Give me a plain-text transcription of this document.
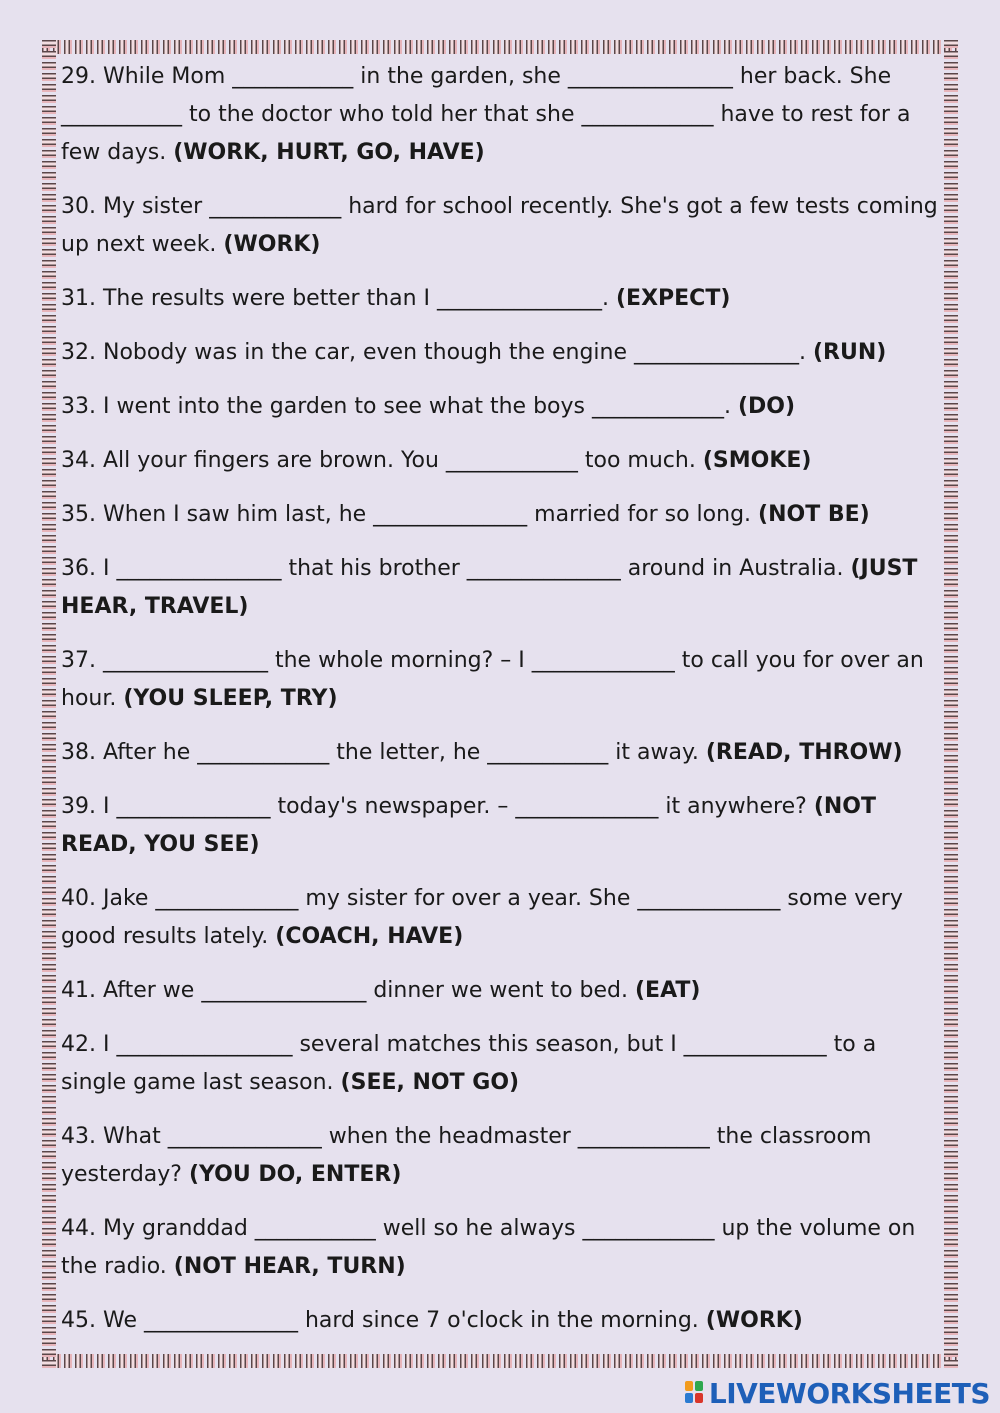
29. While Mom ___________ in the garden, she _______________ her back. She ___________ to the doctor who told her that she ____________ have to rest for a few days. (WORK, HURT, GO, HAVE)

30. My sister ____________ hard for school recently. She's got a few tests coming up next week. (WORK)

31. The results were better than I _______________. (EXPECT)

32. Nobody was in the car, even though the engine _______________. (RUN)

33. I went into the garden to see what the boys ____________. (DO)

34. All your fingers are brown. You ____________ too much. (SMOKE)

35. When I saw him last, he ______________ married for so long. (NOT BE)

36. I _______________ that his brother ______________ around in Australia. (JUST HEAR, TRAVEL)

37. _______________ the whole morning? – I _____________ to call you for over an hour. (YOU SLEEP, TRY)

38. After he ____________ the letter, he ___________ it away. (READ, THROW)

39. I ______________ today's newspaper. – _____________ it anywhere? (NOT READ, YOU SEE)

40. Jake _____________ my sister for over a year. She _____________ some very good results lately. (COACH, HAVE)

41. After we _______________ dinner we went to bed. (EAT)

42. I ________________ several matches this season, but I _____________ to a single game last season. (SEE, NOT GO)

43. What ______________ when the headmaster ____________ the classroom yesterday? (YOU DO, ENTER)

44. My granddad ___________ well so he always ____________ up the volume on the radio. (NOT HEAR, TURN)

45. We ______________ hard since 7 o'clock in the morning. (WORK)

LIVEWORKSHEETS
